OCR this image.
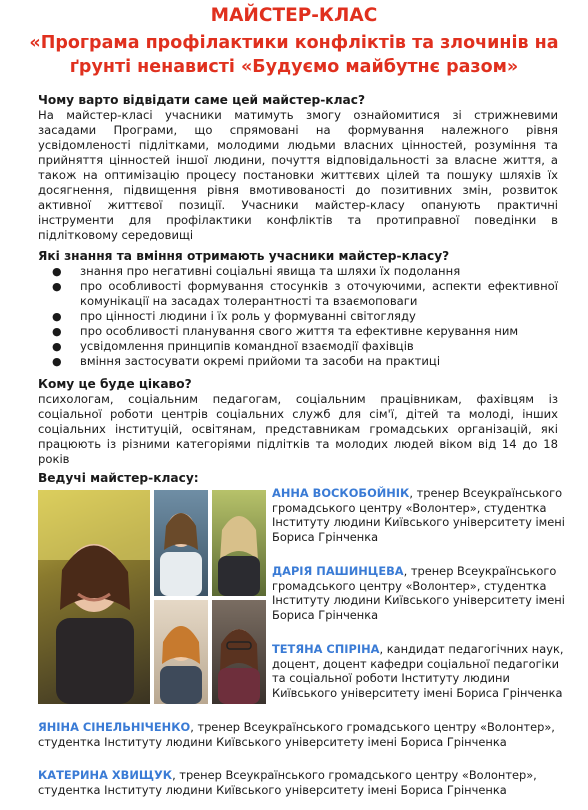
МАЙСТЕР-КЛАС
«Програма профілактики конфліктів та злочинів на ґрунті ненависті «Будуємо майбутнє разом»
Чому варто відвідати саме цей майстер-клас?
На майстер-класі учасники матимуть змогу ознайомитися зі стрижневими засадами Програми, що спрямовані на формування належного рівня усвідомленості підлітками, молодими людьми власних цінностей, розуміння та прийняття цінностей іншої людини, почуття відповідальності за власне життя, а також на оптимізацію процесу постановки життєвих цілей та пошуку шляхів їх досягнення, підвищення рівня вмотивованості до позитивних змін, розвиток активної життєвої позиції. Учасники майстер-класу опанують практичні інструменти для профілактики конфліктів та протиправної поведінки в підлітковому середовищі
Які знання та вміння отримають учасники майстер-класу?
● знання про негативні соціальні явища та шляхи їх подолання
● про особливості формування стосунків з оточуючими, аспекти ефективної комунікації на засадах толерантності та взаємоповаги
● про цінності людини і їх роль у формуванні світогляду
● про особливості планування свого життя та ефективне керування ним
● усвідомлення принципів командної взаємодії фахівців
● вміння застосувати окремі прийоми та засоби на практиці
Кому це буде цікаво?
психологам, соціальним педагогам, соціальним працівникам, фахівцям із соціальної роботи центрів соціальних служб для сім'ї, дітей та молоді, інших соціальних інституцій, освітянам, представникам громадських організацій, які працюють із різними категоріями підлітків та молодих людей віком від 14 до 18 років
Ведучі майстер-класу:
АННА ВОСКОБОЙНІК, тренер Всеукраїнського громадського центру «Волонтер», студентка Інституту людини Київського університету імені Бориса Грінченка
ДАРІЯ ПАШИНЦЕВА, тренер Всеукраїнського громадського центру «Волонтер», студентка Інституту людини Київського університету імені Бориса Грінченка
ТЕТЯНА СПІРІНА, кандидат педагогічних наук, доцент, доцент кафедри соціальної педагогіки та соціальної роботи Інституту людини Київського університету імені Бориса Грінченка
ЯНІНА СІНЕЛЬНІЧЕНКО, тренер Всеукраїнського громадського центру «Волонтер», студентка Інституту людини Київського університету імені Бориса Грінченка
КАТЕРИНА ХВИЩУК, тренер Всеукраїнського громадського центру «Волонтер», студентка Інституту людини Київського університету імені Бориса Грінченка
